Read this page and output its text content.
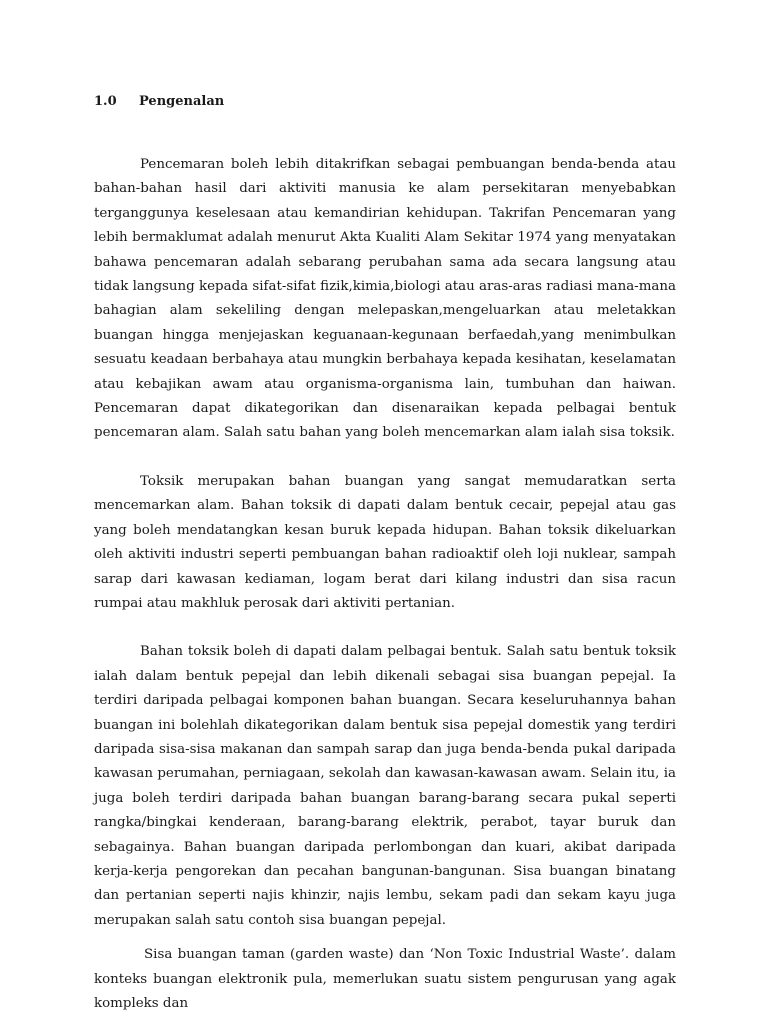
1.0 Pengenalan

Pencemaran boleh lebih ditakrifkan sebagai pembuangan benda-benda atau bahan-bahan hasil dari aktiviti manusia ke alam persekitaran menyebabkan terganggunya keselesaan atau kemandirian kehidupan. Takrifan Pencemaran yang lebih bermaklumat adalah menurut Akta Kualiti Alam Sekitar 1974 yang menyatakan bahawa pencemaran adalah sebarang perubahan sama ada secara langsung atau tidak langsung kepada sifat-sifat fizik,kimia,biologi atau aras-aras radiasi mana-mana bahagian alam sekeliling dengan melepaskan,mengeluarkan atau meletakkan buangan hingga menjejaskan keguanaan-kegunaan berfaedah,yang menimbulkan sesuatu keadaan berbahaya atau mungkin berbahaya kepada kesihatan, keselamatan atau kebajikan awam atau organisma-organisma lain, tumbuhan dan haiwan. Pencemaran dapat dikategorikan dan disenaraikan kepada pelbagai bentuk pencemaran alam. Salah satu bahan yang boleh mencemarkan alam ialah sisa toksik.

Toksik merupakan bahan buangan yang sangat memudaratkan serta mencemarkan alam. Bahan toksik di dapati dalam bentuk cecair, pepejal atau gas yang boleh mendatangkan kesan buruk kepada hidupan. Bahan toksik dikeluarkan oleh aktiviti industri seperti pembuangan bahan radioaktif oleh loji nuklear, sampah sarap dari kawasan kediaman, logam berat dari kilang industri dan sisa racun rumpai atau makhluk perosak dari aktiviti pertanian.

Bahan toksik boleh di dapati dalam pelbagai bentuk. Salah satu bentuk toksik ialah dalam bentuk pepejal dan lebih dikenali sebagai sisa buangan pepejal. Ia terdiri daripada pelbagai komponen bahan buangan. Secara keseluruhannya bahan buangan ini bolehlah dikategorikan dalam bentuk sisa pepejal domestik yang terdiri daripada sisa-sisa makanan dan sampah sarap dan juga benda-benda pukal daripada kawasan perumahan, perniagaan, sekolah dan kawasan-kawasan awam. Selain itu, ia juga boleh terdiri daripada bahan buangan barang-barang secara pukal seperti rangka/bingkai kenderaan, barang-barang elektrik, perabot, tayar buruk dan sebagainya. Bahan buangan daripada perlombongan dan kuari, akibat daripada kerja-kerja pengorekan dan pecahan bangunan-bangunan. Sisa buangan binatang dan pertanian seperti najis khinzir, najis lembu, sekam padi dan sekam kayu juga merupakan salah satu contoh sisa buangan pepejal.

Sisa buangan taman (garden waste) dan ‘Non Toxic Industrial Waste’. dalam konteks buangan elektronik pula, memerlukan suatu sistem pengurusan yang agak kompleks dan
